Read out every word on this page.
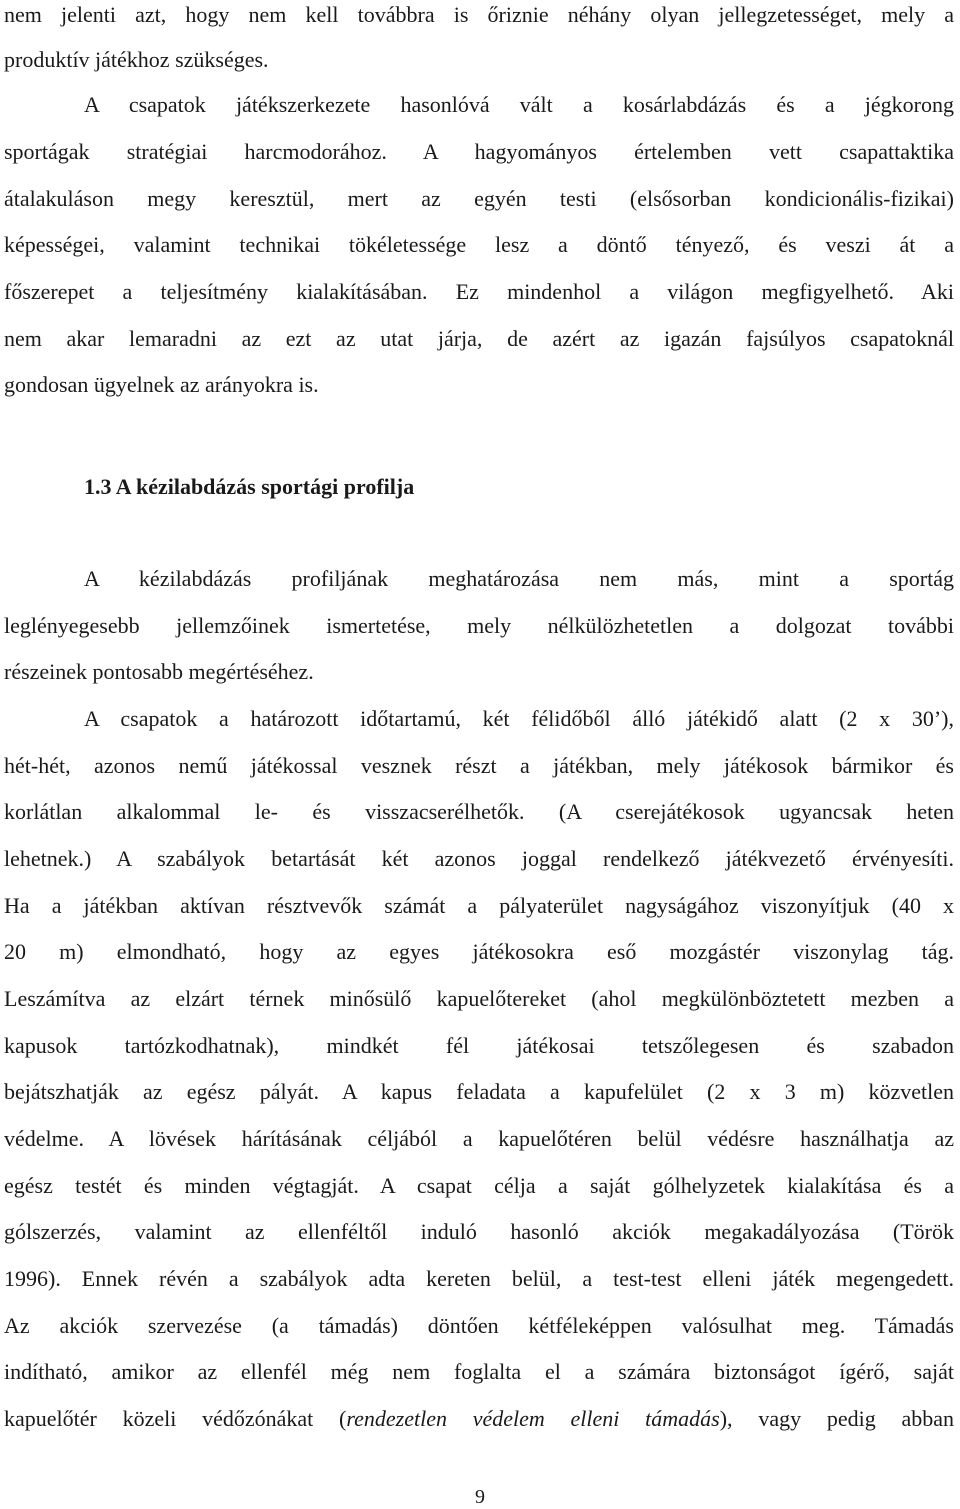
nem jelenti azt, hogy nem kell továbbra is őriznie néhány olyan jellegzetességet, mely a
produktív játékhoz szükséges.
A csapatok játékszerkezete hasonlóvá vált a kosárlabdázás és a jégkorong
sportágak stratégiai harcmodorához. A hagyományos értelemben vett csapattaktika
átalakuláson megy keresztül, mert az egyén testi (elsősorban kondicionális-fizikai)
képességei, valamint technikai tökéletessége lesz a döntő tényező, és veszi át a
főszerepet a teljesítmény kialakításában. Ez mindenhol a világon megfigyelhető. Aki
nem akar lemaradni az ezt az utat járja, de azért az igazán fajsúlyos csapatoknál
gondosan ügyelnek az arányokra is.
1.3 A kézilabdázás sportági profilja
A kézilabdázás profiljának meghatározása nem más, mint a sportág
leglényegesebb jellemzőinek ismertetése, mely nélkülözhetetlen a dolgozat további
részeinek pontosabb megértéséhez.
A csapatok a határozott időtartamú, két félidőből álló játékidő alatt (2 x 30’),
hét-hét, azonos nemű játékossal vesznek részt a játékban, mely játékosok bármikor és
korlátlan alkalommal le- és visszacserélhetők. (A cserejátékosok ugyancsak heten
lehetnek.) A szabályok betartását két azonos joggal rendelkező játékvezető érvényesíti.
Ha a játékban aktívan résztvevők számát a pályaterület nagyságához viszonyítjuk (40 x
20 m) elmondható, hogy az egyes játékosokra eső mozgástér viszonylag tág.
Leszámítva az elzárt térnek minősülő kapuelőtereket (ahol megkülönböztetett mezben a
kapusok tartózkodhatnak), mindkét fél játékosai tetszőlegesen és szabadon
bejátszhatják az egész pályát. A kapus feladata a kapufelület (2 x 3 m) közvetlen
védelme. A lövések hárításának céljából a kapuelőtéren belül védésre használhatja az
egész testét és minden végtagját. A csapat célja a saját gólhelyzetek kialakítása és a
gólszerzés, valamint az ellenféltől induló hasonló akciók megakadályozása (Török
1996). Ennek révén a szabályok adta kereten belül, a test-test elleni játék megengedett.
Az akciók szervezése (a támadás) döntően kétféleképpen valósulhat meg. Támadás
indítható, amikor az ellenfél még nem foglalta el a számára biztonságot ígérő, saját
kapuelőtér közeli védőzónákat (rendezetlen védelem elleni támadás), vagy pedig abban
9
